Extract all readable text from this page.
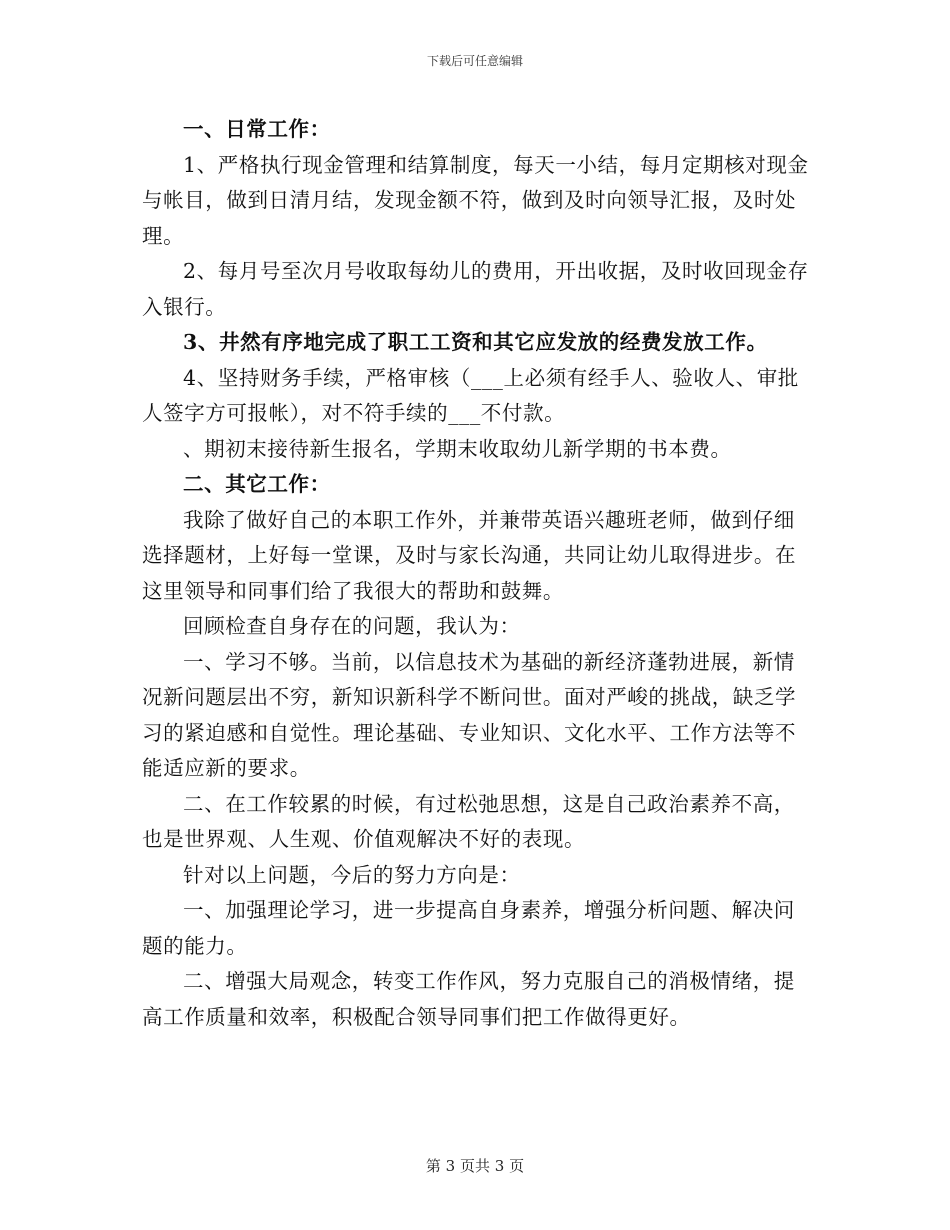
下载后可任意编辑

一、日常工作：

1、严格执行现金管理和结算制度，每天一小结，每月定期核对现金与帐目，做到日清月结，发现金额不符，做到及时向领导汇报，及时处理。

2、每月号至次月号收取每幼儿的费用，开出收据，及时收回现金存入银行。

3、井然有序地完成了职工工资和其它应发放的经费发放工作。

4、坚持财务手续，严格审核（___上必须有经手人、验收人、审批人签字方可报帐），对不符手续的___不付款。

、期初末接待新生报名，学期末收取幼儿新学期的书本费。

二、其它工作：

我除了做好自己的本职工作外，并兼带英语兴趣班老师，做到仔细选择题材，上好每一堂课，及时与家长沟通，共同让幼儿取得进步。在这里领导和同事们给了我很大的帮助和鼓舞。

回顾检查自身存在的问题，我认为：

一、学习不够。当前，以信息技术为基础的新经济蓬勃进展，新情况新问题层出不穷，新知识新科学不断问世。面对严峻的挑战，缺乏学习的紧迫感和自觉性。理论基础、专业知识、文化水平、工作方法等不能适应新的要求。

二、在工作较累的时候，有过松弛思想，这是自己政治素养不高，也是世界观、人生观、价值观解决不好的表现。

针对以上问题，今后的努力方向是：

一、加强理论学习，进一步提高自身素养，增强分析问题、解决问题的能力。

二、增强大局观念，转变工作作风，努力克服自己的消极情绪，提高工作质量和效率，积极配合领导同事们把工作做得更好。

第 3 页共 3 页
